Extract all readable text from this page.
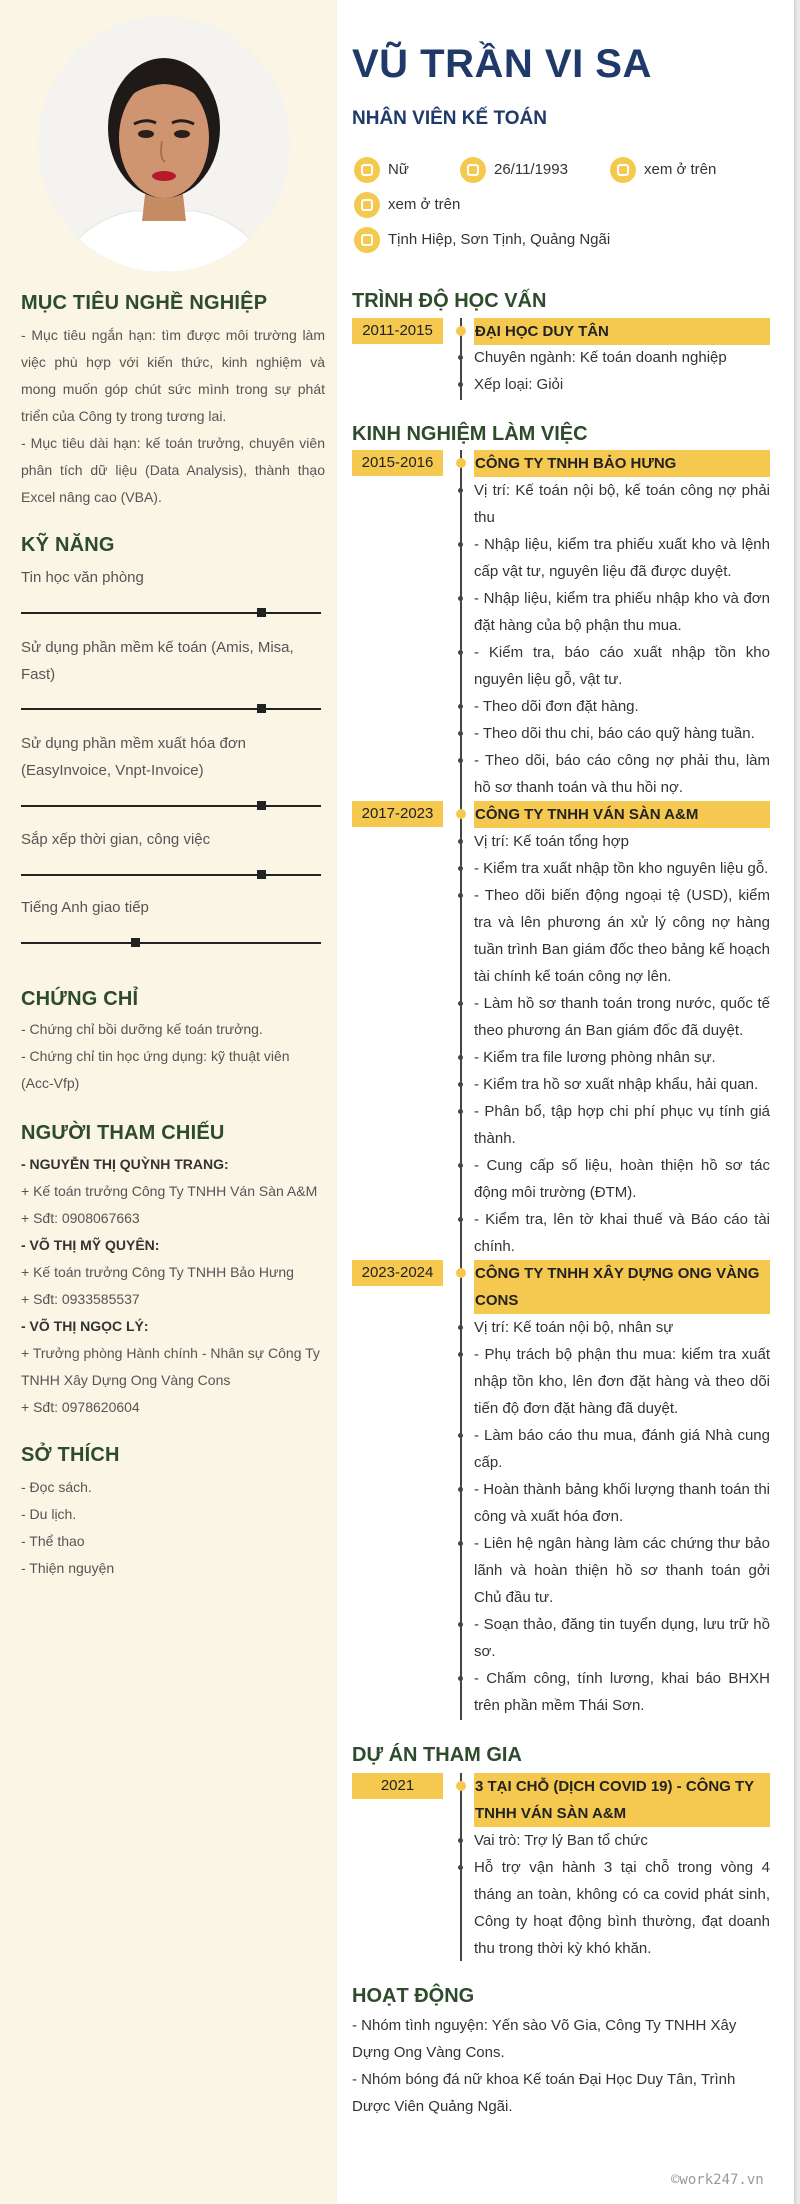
MỤC TIÊU NGHỀ NGHIỆP

- Mục tiêu ngắn hạn: tìm được môi trường làm việc phù hợp với kiến thức, kinh nghiệm và mong muốn góp chút sức mình trong sự phát triển của Công ty trong tương lai.

- Mục tiêu dài hạn: kế toán trưởng, chuyên viên phân tích dữ liệu (Data Analysis), thành thạo Excel nâng cao (VBA).

KỸ NĂNG
Tin học văn phòng
Sử dụng phần mềm kế toán (Amis, Misa, Fast)
Sử dụng phần mềm xuất hóa đơn (EasyInvoice, Vnpt-Invoice)
Sắp xếp thời gian, công việc
Tiếng Anh giao tiếp
CHỨNG CHỈ

- Chứng chỉ bồi dưỡng kế toán trưởng.

- Chứng chỉ tin học ứng dụng: kỹ thuật viên (Acc-Vfp)

NGƯỜI THAM CHIẾU

- NGUYỄN THỊ QUỲNH TRANG:

+ Kế toán trưởng Công Ty TNHH Ván Sàn A&M

+ Sđt: 0908067663

- VÕ THỊ MỸ QUYÊN:

+ Kế toán trưởng Công Ty TNHH Bảo Hưng

+ Sđt: 0933585537

- VÕ THỊ NGỌC LÝ:

+ Trưởng phòng Hành chính - Nhân sự Công Ty TNHH Xây Dựng Ong Vàng Cons

+ Sđt: 0978620604

SỞ THÍCH

- Đọc sách.

- Du lịch.

- Thể thao

- Thiện nguyện

VŨ TRẦN VI SA
NHÂN VIÊN KẾ TOÁN
Nữ	26/11/1993	xem ở trên
xem ở trên
Tịnh Hiệp, Sơn Tịnh, Quảng Ngãi
TRÌNH ĐỘ HỌC VẤN
2011-2015	ĐẠI HỌC DUY TÂN
Chuyên ngành: Kế toán doanh nghiệp
Xếp loại: Giỏi
KINH NGHIỆM LÀM VIỆC
2015-2016	CÔNG TY TNHH BẢO HƯNG

Vị trí: Kế toán nội bộ, kế toán công nợ phải thu

- Nhập liệu, kiểm tra phiếu xuất kho và lệnh cấp vật tư, nguyên liệu đã được duyệt.

- Nhập liệu, kiểm tra phiếu nhập kho và đơn đặt hàng của bộ phận thu mua.

- Kiểm tra, báo cáo xuất nhập tồn kho nguyên liệu gỗ, vật tư.

- Theo dõi đơn đặt hàng.

- Theo dõi thu chi, báo cáo quỹ hàng tuần.

- Theo dõi, báo cáo công nợ phải thu, làm hồ sơ thanh toán và thu hồi nợ.

2017-2023	CÔNG TY TNHH VÁN SÀN A&M

Vị trí: Kế toán tổng hợp

- Kiểm tra xuất nhập tồn kho nguyên liệu gỗ.

- Theo dõi biến động ngoại tệ (USD), kiểm tra và lên phương án xử lý công nợ hàng tuần trình Ban giám đốc theo bảng kế hoạch tài chính kế toán công nợ lên.

- Làm hồ sơ thanh toán trong nước, quốc tế theo phương án Ban giám đốc đã duyệt.

- Kiểm tra file lương phòng nhân sự.

- Kiểm tra hồ sơ xuất nhập khẩu, hải quan.

- Phân bổ, tập hợp chi phí phục vụ tính giá thành.

- Cung cấp số liệu, hoàn thiện hồ sơ tác động môi trường (ĐTM).

- Kiểm tra, lên tờ khai thuế và Báo cáo tài chính.

2023-2024	CÔNG TY TNHH XÂY DỰNG ONG VÀNG CONS

Vị trí: Kế toán nội bộ, nhân sự

- Phụ trách bộ phận thu mua: kiểm tra xuất nhập tồn kho, lên đơn đặt hàng và theo dõi tiến độ đơn đặt hàng đã duyệt.

- Làm báo cáo thu mua, đánh giá Nhà cung cấp.

- Hoàn thành bảng khối lượng thanh toán thi công và xuất hóa đơn.

- Liên hệ ngân hàng làm các chứng thư bảo lãnh và hoàn thiện hồ sơ thanh toán gởi Chủ đầu tư.

- Soạn thảo, đăng tin tuyển dụng, lưu trữ hồ sơ.

- Chấm công, tính lương, khai báo BHXH trên phần mềm Thái Sơn.

DỰ ÁN THAM GIA
2021	3 TẠI CHỖ (DỊCH COVID 19) - CÔNG TY TNHH VÁN SÀN A&M

Vai trò: Trợ lý Ban tổ chức

Hỗ trợ vận hành 3 tại chỗ trong vòng 4 tháng an toàn, không có ca covid phát sinh, Công ty hoạt động bình thường, đạt doanh thu trong thời kỳ khó khăn.

HOẠT ĐỘNG

- Nhóm tình nguyện: Yến sào Võ Gia, Công Ty TNHH Xây Dựng Ong Vàng Cons.

- Nhóm bóng đá nữ khoa Kế toán Đại Học Duy Tân, Trình Dược Viên Quảng Ngãi.

©work247.vn
